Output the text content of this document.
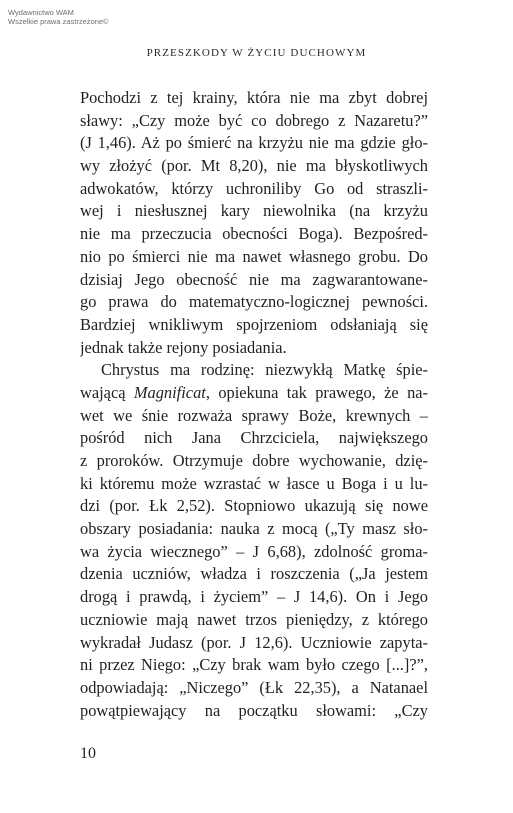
Wydawnictwo WAM
Wszelkie prawa zastrzeżone©
PRZESZKODY W ŻYCIU DUCHOWYM
Pochodzi z tej krainy, która nie ma zbyt dobrej
sławy: „Czy może być co dobrego z Nazaretu?”
(J 1,46). Aż po śmierć na krzyżu nie ma gdzie gło-
wy złożyć (por. Mt 8,20), nie ma błyskotliwych
adwokatów, którzy uchroniliby Go od straszli-
wej i niesłusznej kary niewolnika (na krzyżu
nie ma przeczucia obecności Boga). Bezpośred-
nio po śmierci nie ma nawet własnego grobu. Do
dzisiaj Jego obecność nie ma zagwarantowane-
go prawa do matematyczno-logicznej pewności.
Bardziej wnikliwym spojrzeniom odsłaniają się
jednak także rejony posiadania.
Chrystus ma rodzinę: niezwykłą Matkę śpie-
wającą Magnificat, opiekuna tak prawego, że na-
wet we śnie rozważa sprawy Boże, krewnych –
pośród nich Jana Chrzciciela, największego
z proroków. Otrzymuje dobre wychowanie, dzię-
ki któremu może wzrastać w łasce u Boga i u lu-
dzi (por. Łk 2,52). Stopniowo ukazują się nowe
obszary posiadania: nauka z mocą („Ty masz sło-
wa życia wiecznego” – J 6,68), zdolność groma-
dzenia uczniów, władza i roszczenia („Ja jestem
drogą i prawdą, i życiem” – J 14,6). On i Jego
uczniowie mają nawet trzos pieniędzy, z którego
wykradał Judasz (por. J 12,6). Uczniowie zapyta-
ni przez Niego: „Czy brak wam było czego [...]?”,
odpowiadają: „Niczego” (Łk 22,35), a Natanael
powątpiewający na początku słowami: „Czy
10
